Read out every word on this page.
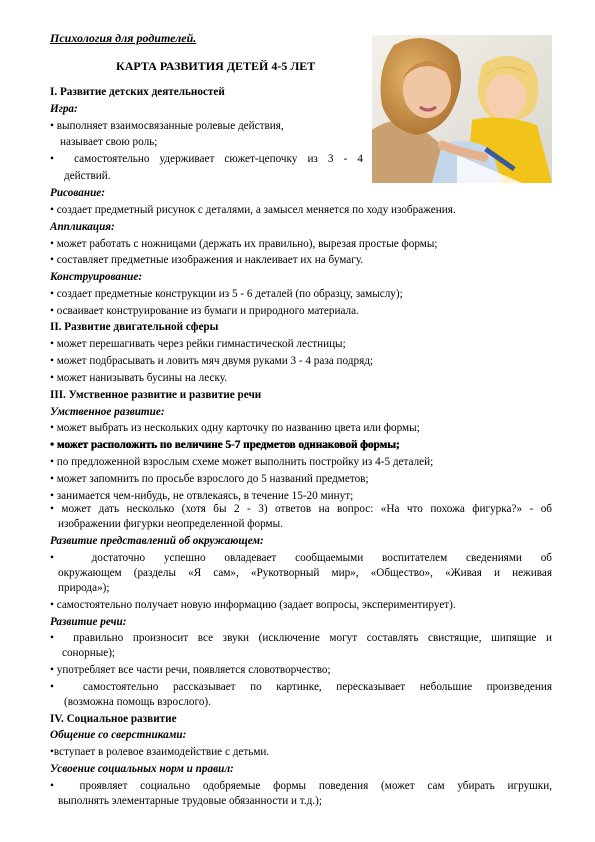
Психология для родителей.
КАРТА РАЗВИТИЯ ДЕТЕЙ 4-5 ЛЕТ
I. Развитие детских деятельностей
Игра:
• выполняет взаимосвязанные ролевые действия,
называет свою роль;
• самостоятельно удерживает сюжет-цепочку из 3 - 4
действий.
Рисование:
• создает предметный рисунок с деталями, а замысел меняется по ходу изображения.
Аппликация:
• может работать с ножницами (держать их правильно), вырезая простые формы;
• составляет предметные изображения и наклеивает их на бумагу.
Конструирование:
• создает предметные конструкции из 5 - 6 деталей (по образцу, замыслу);
• осваивает конструирование из бумаги и природного материала.
II. Развитие двигательной сферы
• может перешагивать через рейки гимнастической лестницы;
• может подбрасывать и ловить мяч двумя руками 3 - 4 раза подряд;
• может нанизывать бусины на леску.
III. Умственное развитие и развитие речи
Умственное развитие:
• может выбрать из нескольких одну карточку по названию цвета или формы;
• может расположить по величине 5-7 предметов одинаковой формы;
• по предложенной взрослым схеме может выполнить постройку из 4-5 деталей;
• может запомнить по просьбе взрослого до 5 названий предметов;
• занимается чем-нибудь, не отвлекаясь, в течение 15-20 минут;
• может дать несколько (хотя бы 2 - 3) ответов на вопрос: «На что похожа фигурка?» - об
изображении фигурки неопределенной формы.
Развитие представлений об окружающем:
•	достаточно успешно овладевает сообщаемыми воспитателем сведениями об
окружающем (разделы «Я сам», «Рукотворный мир», «Общество», «Живая и неживая
природа»);
• самостоятельно получает новую информацию (задает вопросы, экспериментирует).
Развитие речи:
• правильно произносит все звуки (исключение могут составлять свистящие, шипящие и
сонорные);
• употребляет все части речи, появляется словотворчество;
•	самостоятельно рассказывает по картинке, пересказывает небольшие произведения
(возможна помощь взрослого).
IV. Социальное развитие
Общение со сверстниками:
•вступает в ролевое взаимодействие с детьми.
Усвоение социальных норм и правил:
• проявляет социально одобряемые формы поведения (может сам убирать игрушки,
выполнять элементарные трудовые обязанности и т.д.);
